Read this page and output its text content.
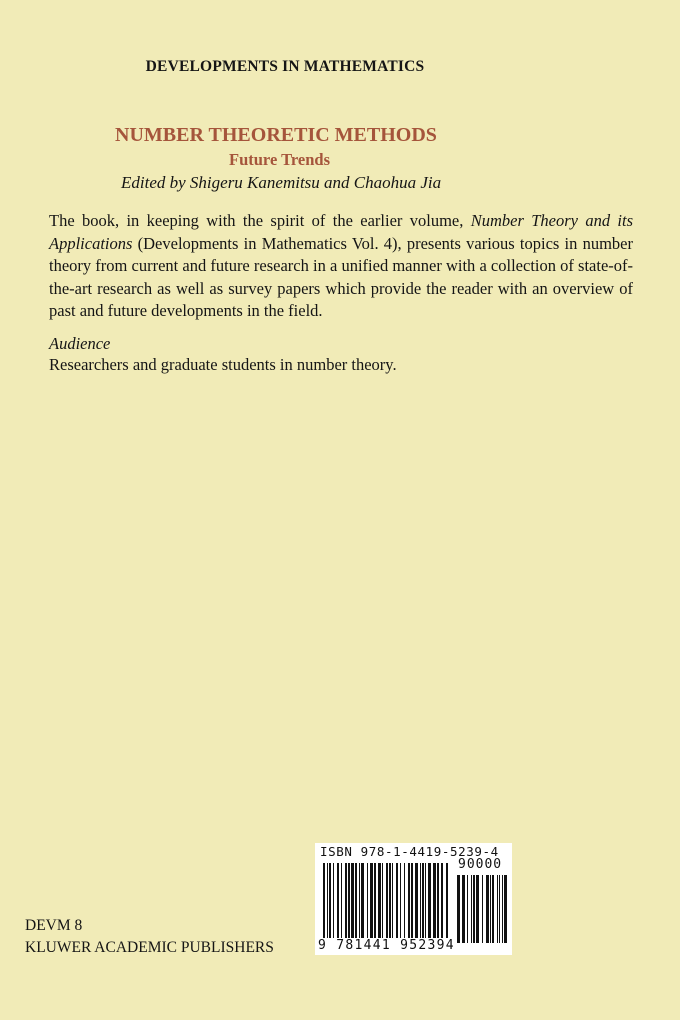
DEVELOPMENTS IN MATHEMATICS
NUMBER THEORETIC METHODS
Future Trends
Edited by Shigeru Kanemitsu and Chaohua Jia

The book, in keeping with the spirit of the earlier volume, Number Theory and its Applications (Developments in Mathematics Vol. 4), presents various topics in number theory from current and future research in a unified manner with a collection of state-of-the-art research as well as survey papers which provide the reader with an overview of past and future developments in the field.

Audience
Researchers and graduate students in number theory.
DEVM 8
KLUWER ACADEMIC PUBLISHERS
ISBN 978-1-4419-5239-4
90000
9 781441 952394
